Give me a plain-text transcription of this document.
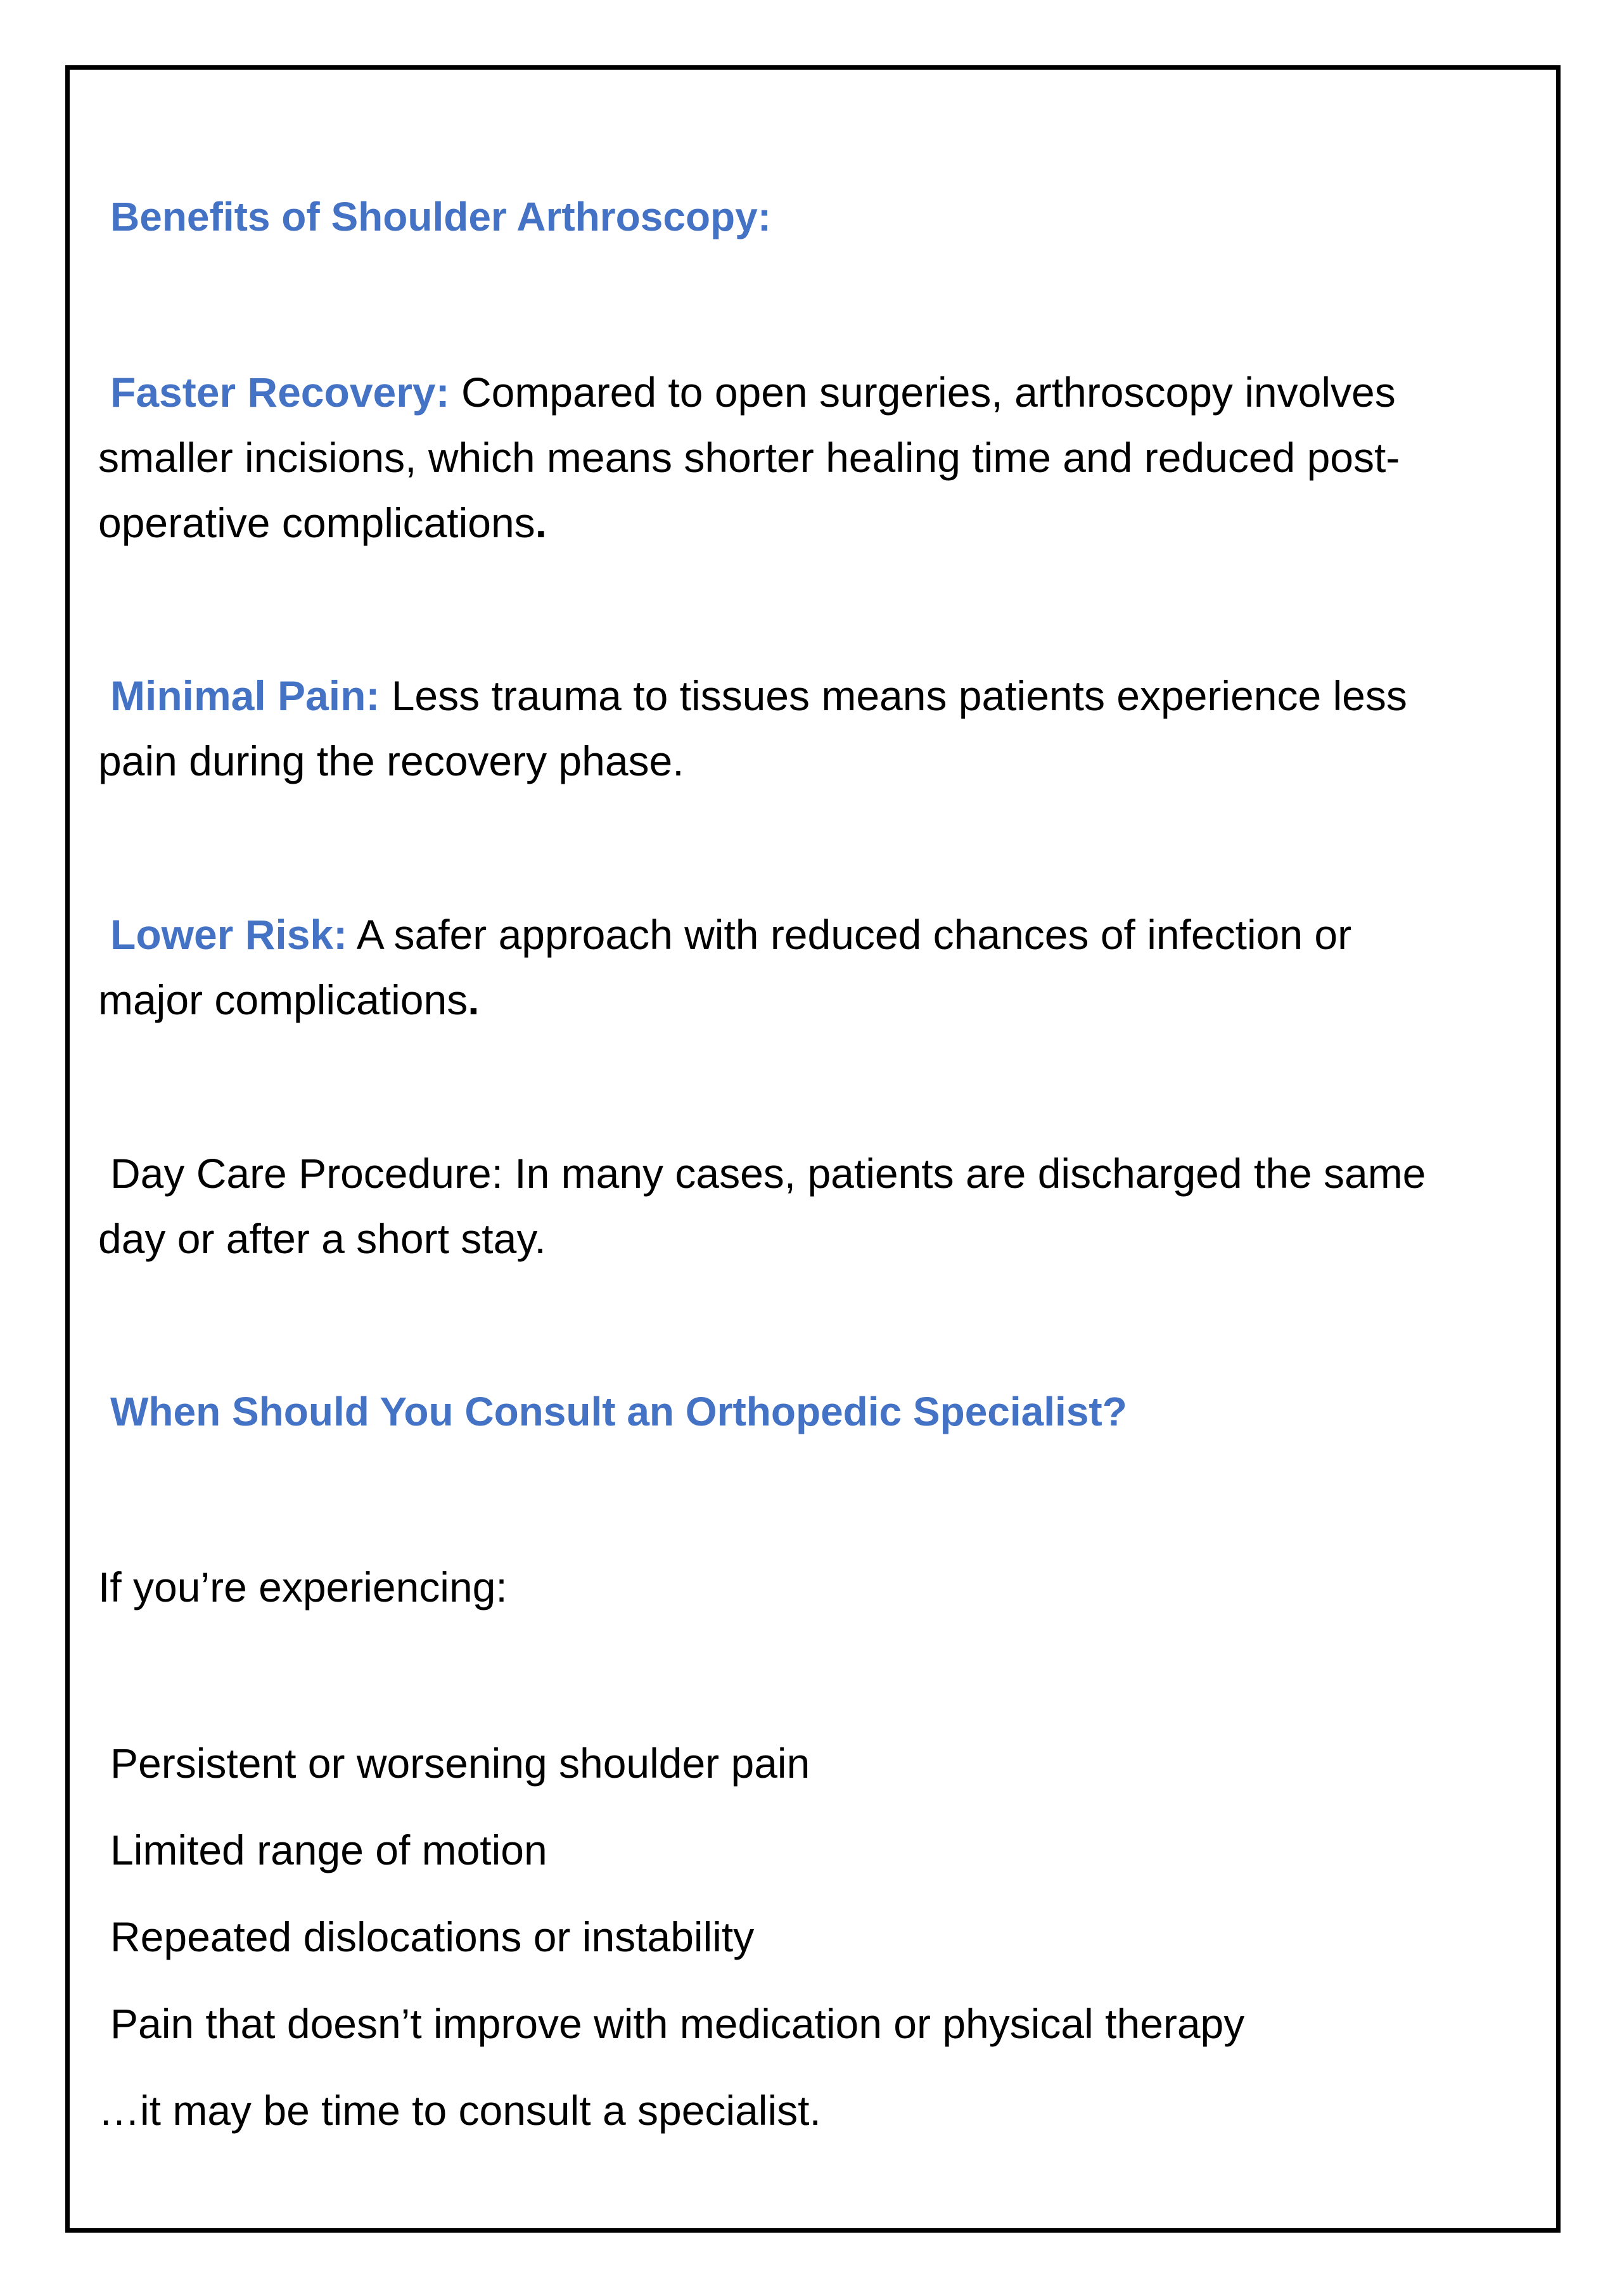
Benefits of Shoulder Arthroscopy:

Faster Recovery: Compared to open surgeries, arthroscopy involves

smaller incisions, which means shorter healing time and reduced post-

operative complications.

Minimal Pain: Less trauma to tissues means patients experience less

pain during the recovery phase.

Lower Risk: A safer approach with reduced chances of infection or

major complications.

Day Care Procedure: In many cases, patients are discharged the same

day or after a short stay.

When Should You Consult an Orthopedic Specialist?

If you’re experiencing:

Persistent or worsening shoulder pain

Limited range of motion

Repeated dislocations or instability

Pain that doesn’t improve with medication or physical therapy

…it may be time to consult a specialist.
